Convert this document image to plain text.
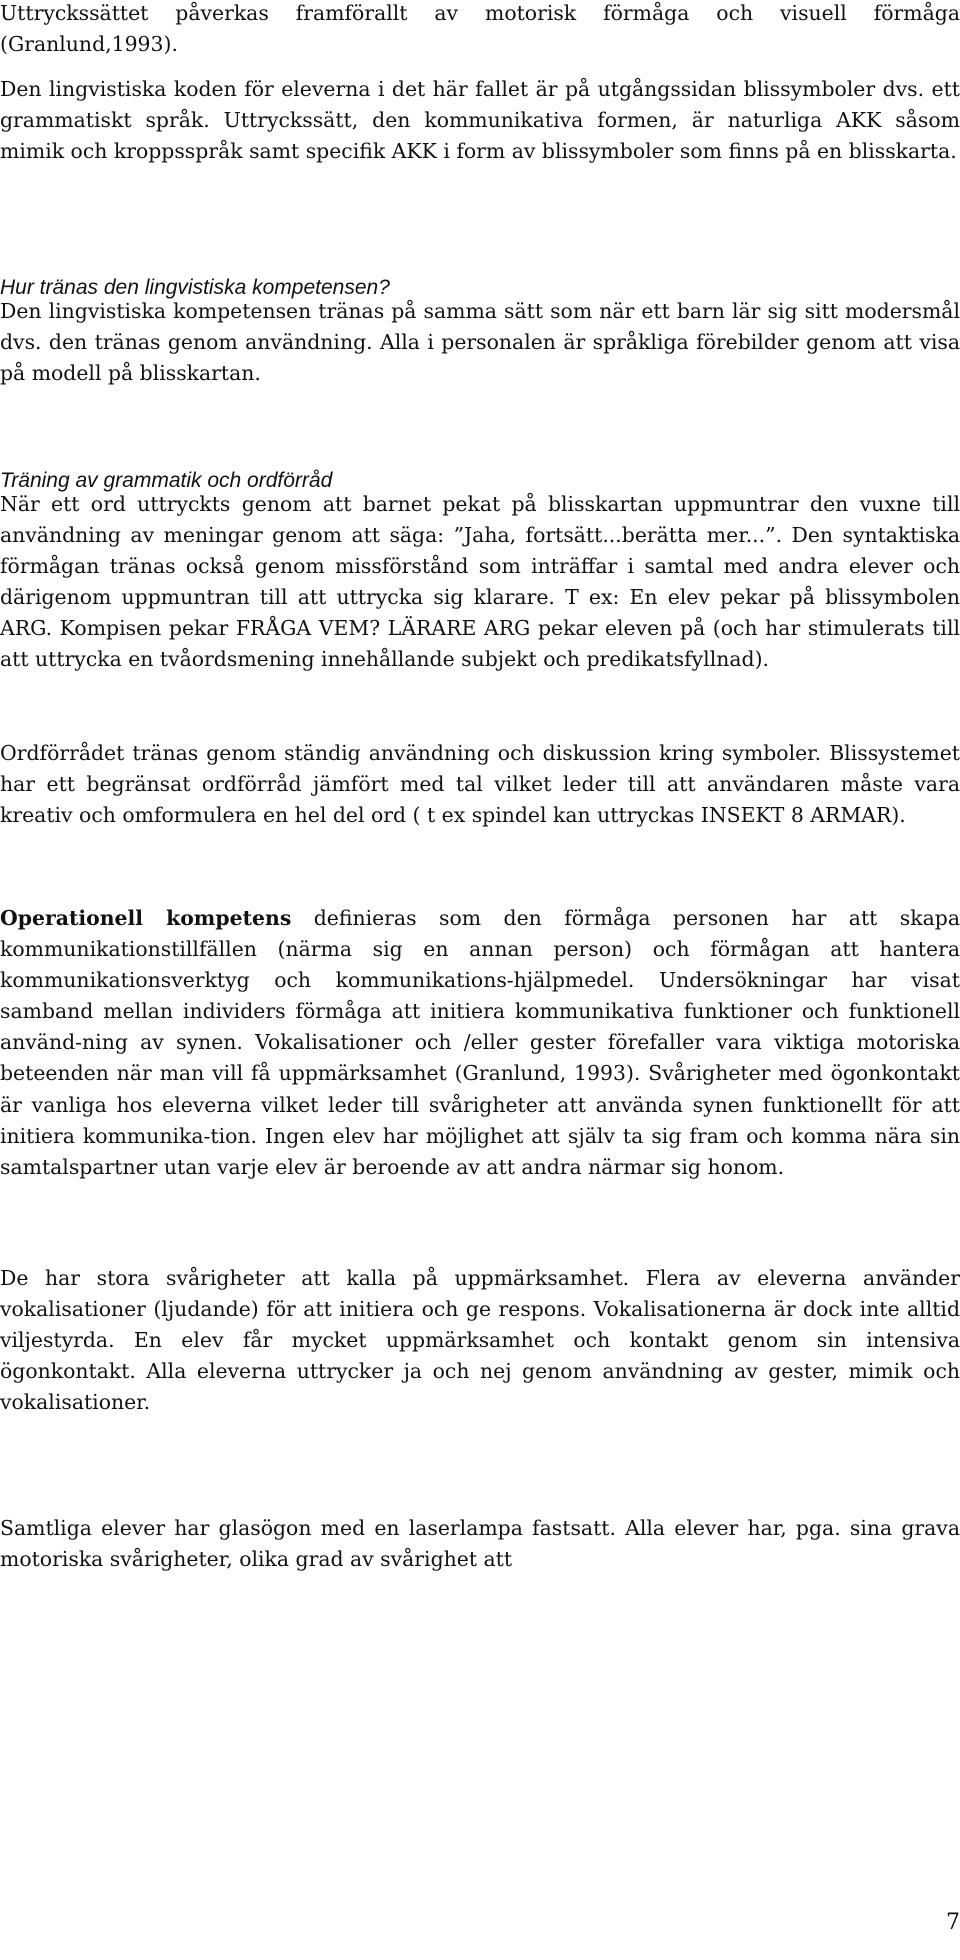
Uttryckssättet påverkas framförallt av motorisk förmåga och visuell förmåga (Granlund,1993).

Den lingvistiska koden för eleverna i det här fallet är på utgångssidan blissymboler dvs. ett grammatiskt språk. Uttryckssätt, den kommunikativa formen, är naturliga AKK såsom mimik och kroppsspråk samt specifik AKK i form av blissymboler som finns på en blisskarta.

Hur tränas den lingvistiska kompetensen?

Den lingvistiska kompetensen tränas på samma sätt som när ett barn lär sig sitt modersmål dvs. den tränas genom användning. Alla i personalen är språkliga förebilder genom att visa på modell på blisskartan.

Träning av grammatik och ordförråd

När ett ord uttryckts genom att barnet pekat på blisskartan uppmuntrar den vuxne till användning av meningar genom att säga: ”Jaha, fortsätt...berätta mer...”. Den syntaktiska förmågan tränas också genom missförstånd som inträffar i samtal med andra elever och därigenom uppmuntran till att uttrycka sig klarare. T ex: En elev pekar på blissymbolen ARG. Kompisen pekar FRÅGA VEM? LÄRARE ARG pekar eleven på (och har stimulerats till att uttrycka en tvåordsmening innehållande subjekt och predikatsfyllnad).

Ordförrådet tränas genom ständig användning och diskussion kring symboler. Blissystemet har ett begränsat ordförråd jämfört med tal vilket leder till att användaren måste vara kreativ och omformulera en hel del ord ( t ex spindel kan uttryckas INSEKT 8 ARMAR).

Operationell kompetens definieras som den förmåga personen har att skapa kommunikationstillfällen (närma sig en annan person) och förmågan att hantera kommunikationsverktyg och kommunikations-hjälpmedel. Undersökningar har visat samband mellan individers förmåga att initiera kommunikativa funktioner och funktionell använd-ning av synen. Vokalisationer och /eller gester förefaller vara viktiga motoriska beteenden när man vill få uppmärksamhet (Granlund, 1993). Svårigheter med ögonkontakt är vanliga hos eleverna vilket leder till svårigheter att använda synen funktionellt för att initiera kommunika-tion. Ingen elev har möjlighet att själv ta sig fram och komma nära sin samtalspartner utan varje elev är beroende av att andra närmar sig honom.

De har stora svårigheter att kalla på uppmärksamhet. Flera av eleverna använder vokalisationer (ljudande) för att initiera och ge respons. Vokalisationerna är dock inte alltid viljestyrda. En elev får mycket uppmärksamhet och kontakt genom sin intensiva ögonkontakt. Alla eleverna uttrycker ja och nej genom användning av gester, mimik och vokalisationer.

Samtliga elever har glasögon med en laserlampa fastsatt. Alla elever har, pga. sina grava motoriska svårigheter, olika grad av svårighet att

7
